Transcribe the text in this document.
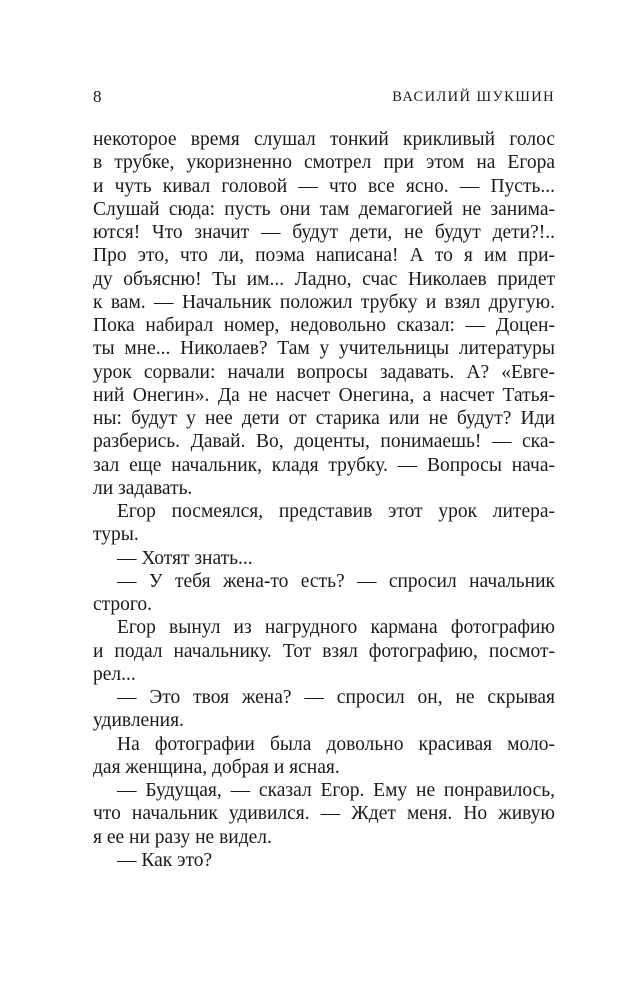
8	ВАСИЛИЙ ШУКШИН
некоторое время слушал тонкий крикливый голос
в трубке, укоризненно смотрел при этом на Егора
и чуть кивал головой — что все ясно. — Пусть...
Слушай сюда: пусть они там демагогией не занима-
ются! Что значит — будут дети, не будут дети?!..
Про это, что ли, поэма написана! А то я им при-
ду объясню! Ты им... Ладно, счас Николаев придет
к вам. — Начальник положил трубку и взял другую.
Пока набирал номер, недовольно сказал: — Доцен-
ты мне... Николаев? Там у учительницы литературы
урок сорвали: начали вопросы задавать. А? «Евге-
ний Онегин». Да не насчет Онегина, а насчет Татья-
ны: будут у нее дети от старика или не будут? Иди
разберись. Давай. Во, доценты, понимаешь! — ска-
зал еще начальник, кладя трубку. — Вопросы нача-
ли задавать.
Егор посмеялся, представив этот урок литера-
туры.
— Хотят знать...
— У тебя жена-то есть? — спросил начальник
строго.
Егор вынул из нагрудного кармана фотографию
и подал начальнику. Тот взял фотографию, посмот-
рел...
— Это твоя жена? — спросил он, не скрывая
удивления.
На фотографии была довольно красивая моло-
дая женщина, добрая и ясная.
— Будущая, — сказал Егор. Ему не понравилось,
что начальник удивился. — Ждет меня. Но живую
я ее ни разу не видел.
— Как это?
